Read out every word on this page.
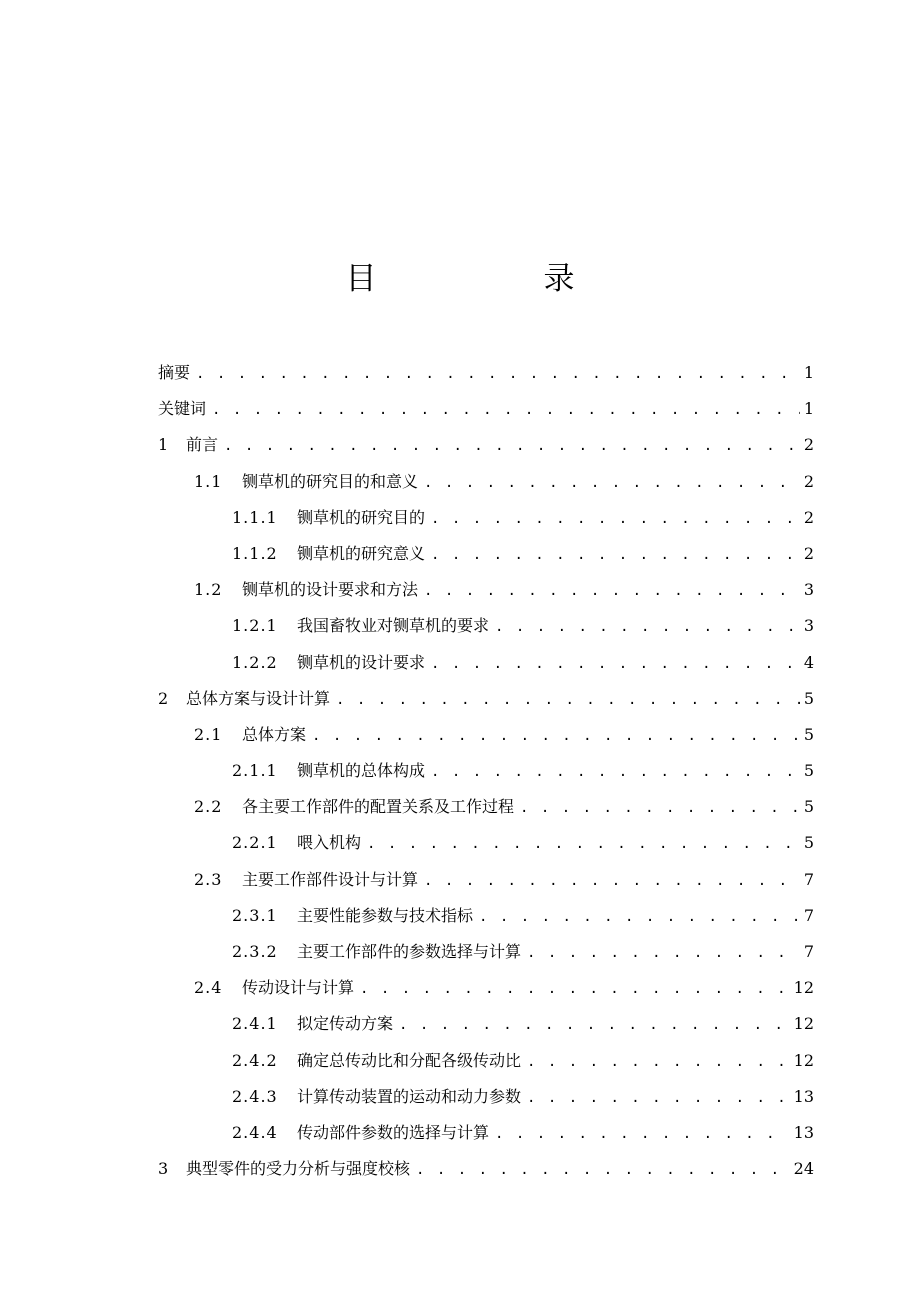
目　录
摘要 . . .	1
关键词 . . .	1
1	前言 . . .	2
1.1	铡草机的研究目的和意义 . . .	2
1.1.1	铡草机的研究目的 . . .	2
1.1.2	铡草机的研究意义 . . .	2
1.2	铡草机的设计要求和方法 . . .	3
1.2.1	我国畜牧业对铡草机的要求 . . .	3
1.2.2	铡草机的设计要求 . . .	4
2	总体方案与设计计算 . . .	5
2.1	总体方案 . . .	5
2.1.1	铡草机的总体构成 . . .	5
2.2	各主要工作部件的配置关系及工作过程 . . .	5
2.2.1	喂入机构 . . .	5
2.3	主要工作部件设计与计算 . . .	7
2.3.1	主要性能参数与技术指标 . . .	7
2.3.2	主要工作部件的参数选择与计算 . . .	7
2.4	传动设计与计算 . . .	12
2.4.1	拟定传动方案 . . .	12
2.4.2	确定总传动比和分配各级传动比 . . .	12
2.4.3	计算传动装置的运动和动力参数 . . .	13
2.4.4	传动部件参数的选择与计算 . . .	13
3	典型零件的受力分析与强度校核 . . .	24
